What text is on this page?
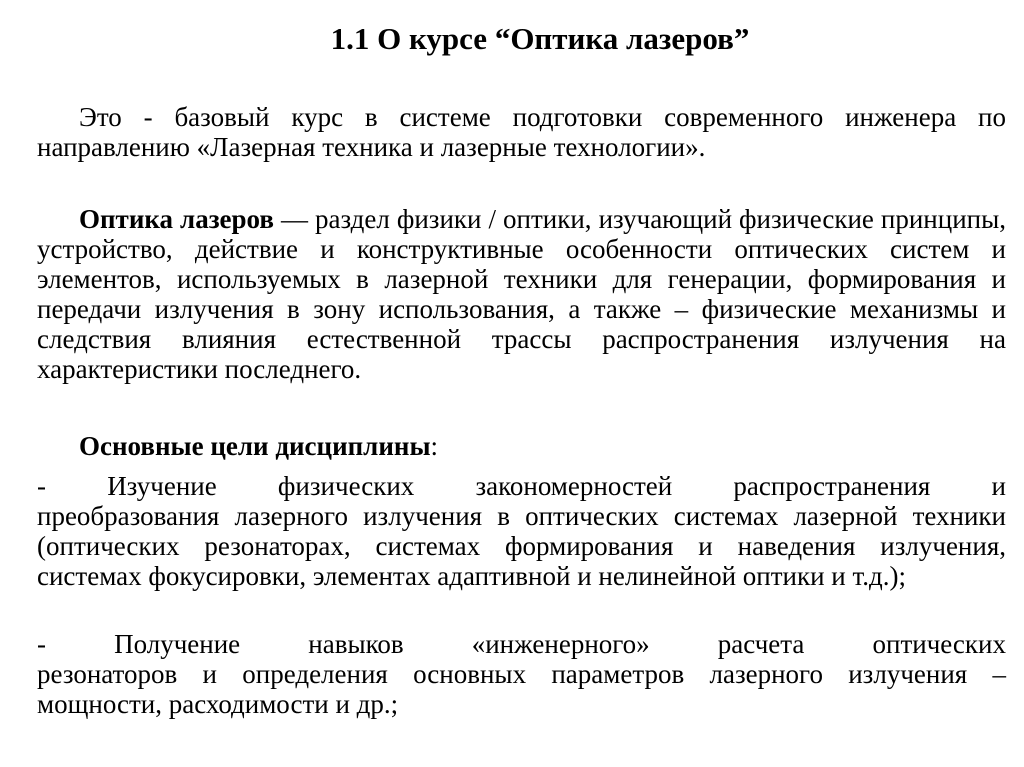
1.1 О курсе “Оптика лазеров”

Это - базовый курс в системе подготовки современного инженера по направлению «Лазерная техника и лазерные технологии».

Оптика лазеров — раздел физики / оптики, изучающий физические принципы, устройство, действие и конструктивные особенности оптических систем и элементов, используемых в лазерной техники для генерации, формирования и передачи излучения в зону использования, а также – физические механизмы и следствия влияния естественной трассы распространения излучения на характеристики последнего.

Основные цели дисциплины:

- Изучение физических закономерностей распространения и
преобразования лазерного излучения в оптических системах лазерной техники (оптических резонаторах, системах формирования и наведения излучения, системах фокусировки, элементах адаптивной и нелинейной оптики и т.д.);
- Получение навыков «инженерного» расчета оптических
резонаторов и определения основных параметров лазерного излучения – мощности, расходимости и др.;
